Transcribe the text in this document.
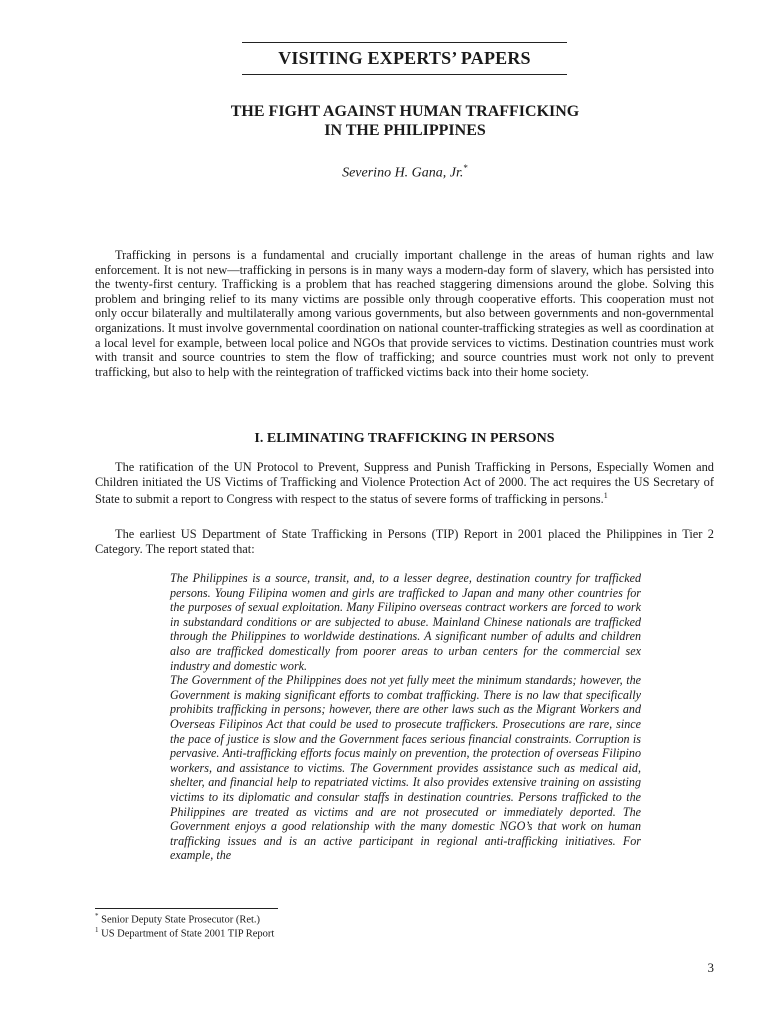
VISITING EXPERTS’ PAPERS
THE FIGHT AGAINST HUMAN TRAFFICKING
IN THE PHILIPPINES
Severino H. Gana, Jr.*

Trafficking in persons is a fundamental and crucially important challenge in the areas of human rights and law enforcement. It is not new—trafficking in persons is in many ways a modern-day form of slavery, which has persisted into the twenty-first century. Trafficking is a problem that has reached staggering dimensions around the globe. Solving this problem and bringing relief to its many victims are possible only through cooperative efforts. This cooperation must not only occur bilaterally and multilaterally among various governments, but also between governments and non-governmental organizations. It must involve governmental coordination on national counter-trafficking strategies as well as coordination at a local level for example, between local police and NGOs that provide services to victims. Destination countries must work with transit and source countries to stem the flow of trafficking; and source countries must work not only to prevent trafficking, but also to help with the reintegration of trafficked victims back into their home society.

I. ELIMINATING TRAFFICKING IN PERSONS

The ratification of the UN Protocol to Prevent, Suppress and Punish Trafficking in Persons, Especially Women and Children initiated the US Victims of Trafficking and Violence Protection Act of 2000. The act requires the US Secretary of State to submit a report to Congress with respect to the status of severe forms of trafficking in persons.$^1$

The earliest US Department of State Trafficking in Persons (TIP) Report in 2001 placed the Philippines in Tier 2 Category. The report stated that:

The Philippines is a source, transit, and, to a lesser degree, destination country for trafficked persons. Young Filipina women and girls are trafficked to Japan and many other countries for the purposes of sexual exploitation. Many Filipino overseas contract workers are forced to work in substandard conditions or are subjected to abuse. Mainland Chinese nationals are trafficked through the Philippines to worldwide destinations. A significant number of adults and children also are trafficked domestically from poorer areas to urban centers for the commercial sex industry and domestic work.

The Government of the Philippines does not yet fully meet the minimum standards; however, the Government is making significant efforts to combat trafficking. There is no law that specifically prohibits trafficking in persons; however, there are other laws such as the Migrant Workers and Overseas Filipinos Act that could be used to prosecute traffickers. Prosecutions are rare, since the pace of justice is slow and the Government faces serious financial constraints. Corruption is pervasive. Anti-trafficking efforts focus mainly on prevention, the protection of overseas Filipino workers, and assistance to victims. The Government provides assistance such as medical aid, shelter, and financial help to repatriated victims. It also provides extensive training on assisting victims to its diplomatic and consular staffs in destination countries. Persons trafficked to the Philippines are treated as victims and are not prosecuted or immediately deported. The Government enjoys a good relationship with the many domestic NGO’s that work on human trafficking issues and is an active participant in regional anti-trafficking initiatives. For example, the

* Senior Deputy State Prosecutor (Ret.)
$^1$ US Department of State 2001 TIP Report
3
